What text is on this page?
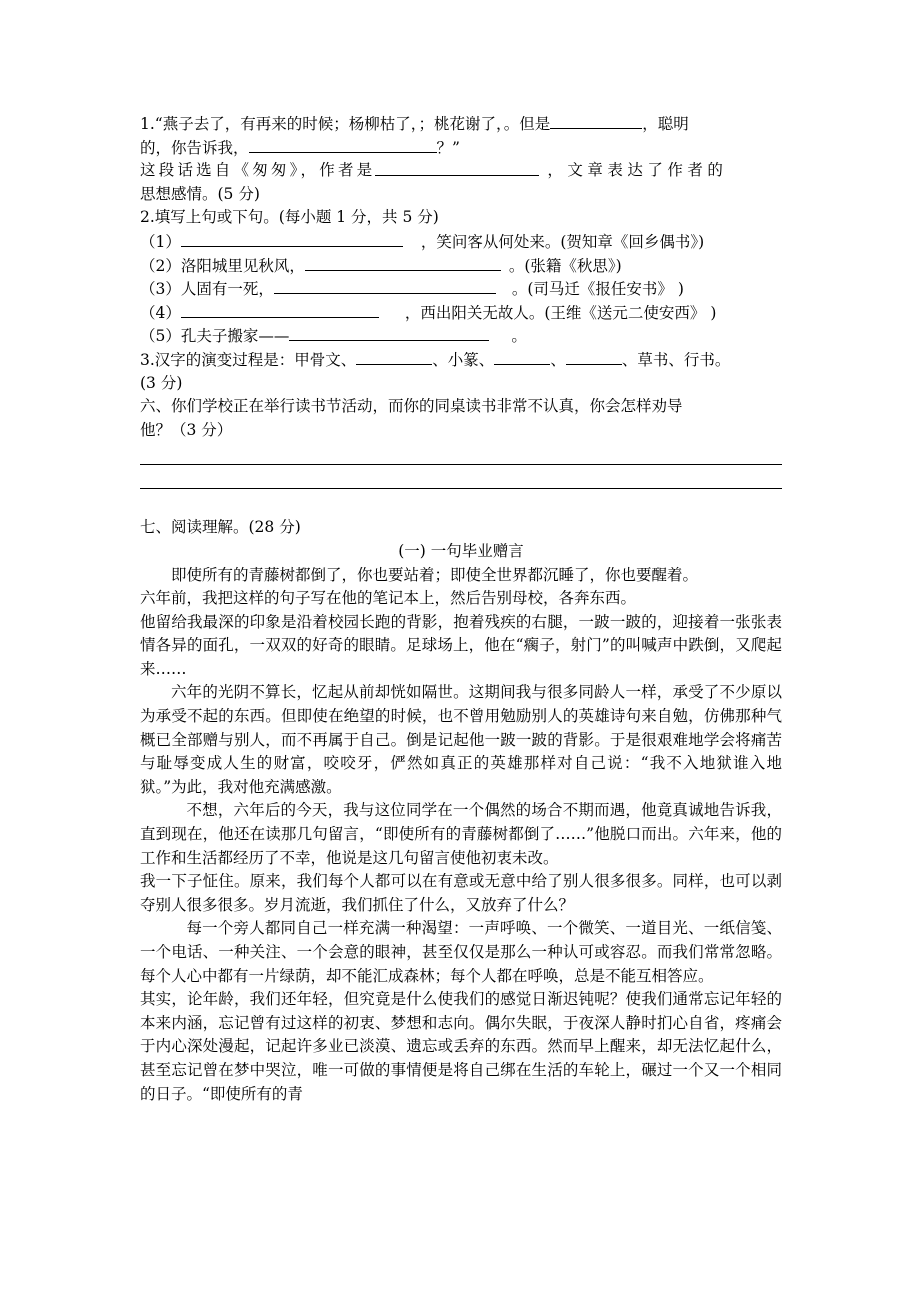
1.“燕子去了，有再来的时候；杨柳枯了，；桃花谢了，。但是	，聪明
的，你告诉我，	？”
这段话选自《匆匆》，作者是	，文章表达了作者的
思想感情。(5 分)
2.填写上句或下句。(每小题 1 分，共 5 分)
（1）	，笑问客从何处来。(贺知章《回乡偶书》)
（2）洛阳城里见秋风，	。(张籍《秋思》)
（3）人固有一死，	。(司马迁《报任安书》 )
（4）	，西出阳关无故人。(王维《送元二使安西》 )
（5）孔夫子搬家——	。
3.汉字的演变过程是：甲骨文、	、小篆、	、	、草书、行书。
(3 分)
六、你们学校正在举行读书节活动，而你的同桌读书非常不认真，你会怎样劝导
他？（3 分）
七、阅读理解。(28 分)
(一) 一句毕业赠言
即使所有的青藤树都倒了，你也要站着；即使全世界都沉睡了，你也要醒着。
六年前，我把这样的句子写在他的笔记本上，然后告别母校，各奔东西。
他留给我最深的印象是沿着校园长跑的背影，抱着残疾的右腿，一跛一跛的，迎接着一张张表情各异的面孔，一双双的好奇的眼睛。足球场上，他在“瘸子，射门”的叫喊声中跌倒，又爬起来……
六年的光阴不算长，忆起从前却恍如隔世。这期间我与很多同龄人一样，承受了不少原以为承受不起的东西。但即使在绝望的时候，也不曾用勉励别人的英雄诗句来自勉，仿佛那种气概已全部赠与别人，而不再属于自己。倒是记起他一跛一跛的背影。于是很艰难地学会将痛苦与耻辱变成人生的财富，咬咬牙，俨然如真正的英雄那样对自己说：“我不入地狱谁入地狱。”为此，我对他充满感激。
不想，六年后的今天，我与这位同学在一个偶然的场合不期而遇，他竟真诚地告诉我，直到现在，他还在读那几句留言，“即使所有的青藤树都倒了……”他脱口而出。六年来，他的工作和生活都经历了不幸，他说是这几句留言使他初衷未改。
我一下子怔住。原来，我们每个人都可以在有意或无意中给了别人很多很多。同样，也可以剥夺别人很多很多。岁月流逝，我们抓住了什么，又放弃了什么？
每一个旁人都同自己一样充满一种渴望：一声呼唤、一个微笑、一道目光、一纸信笺、一个电话、一种关注、一个会意的眼神，甚至仅仅是那么一种认可或容忍。而我们常常忽略。每个人心中都有一片绿荫，却不能汇成森林；每个人都在呼唤，总是不能互相答应。
其实，论年龄，我们还年轻，但究竟是什么使我们的感觉日渐迟钝呢？使我们通常忘记年轻的本来内涵，忘记曾有过这样的初衷、梦想和志向。偶尔失眠，于夜深人静时扪心自省，疼痛会于内心深处漫起，记起许多业已淡漠、遗忘或丢弃的东西。然而早上醒来，却无法忆起什么，甚至忘记曾在梦中哭泣，唯一可做的事情便是将自己绑在生活的车轮上，碾过一个又一个相同的日子。“即使所有的青
